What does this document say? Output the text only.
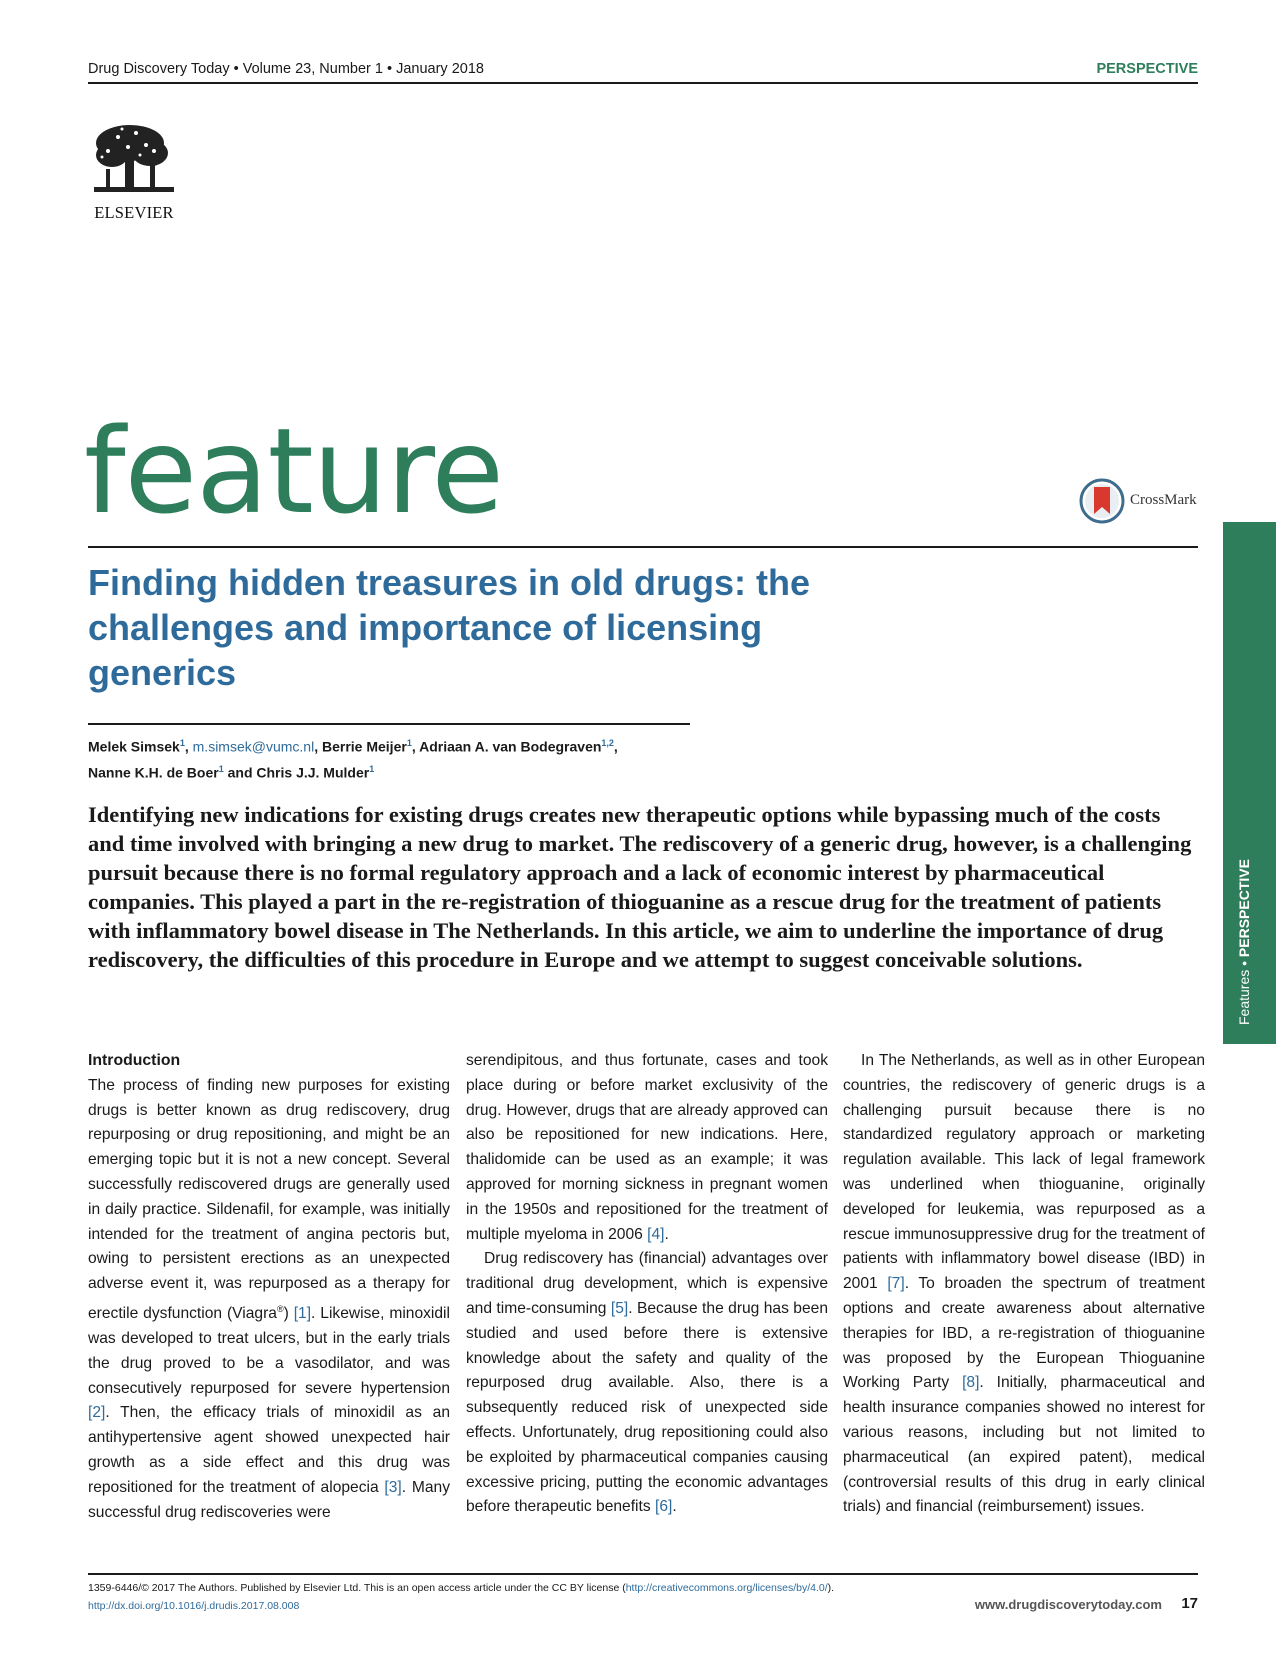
Drug Discovery Today • Volume 23, Number 1 • January 2018	PERSPECTIVE
ELSEVIER
feature	CrossMark
Finding hidden treasures in old drugs: the challenges and importance of licensing generics
Melek Simsek$^1$, m.simsek@vumc.nl, Berrie Meijer$^1$, Adriaan A. van Bodegraven$^{1,2}$,
Nanne K.H. de Boer$^1$ and Chris J.J. Mulder$^1$

Identifying new indications for existing drugs creates new therapeutic options while bypassing much of the costs and time involved with bringing a new drug to market. The rediscovery of a generic drug, however, is a challenging pursuit because there is no formal regulatory approach and a lack of economic interest by pharmaceutical companies. This played a part in the re-registration of thioguanine as a rescue drug for the treatment of patients with inflammatory bowel disease in The Netherlands. In this article, we aim to underline the importance of drug rediscovery, the difficulties of this procedure in Europe and we attempt to suggest conceivable solutions.	Features • PERSPECTIVE
Introduction

The process of finding new purposes for existing drugs is better known as drug rediscovery, drug repurposing or drug repositioning, and might be an emerging topic but it is not a new concept. Several successfully rediscovered drugs are generally used in daily practice. Sildenafil, for example, was initially intended for the treatment of angina pectoris but, owing to persistent erections as an unexpected adverse event it, was repurposed as a therapy for erectile dysfunction (Viagra®) [1]. Likewise, minoxidil was developed to treat ulcers, but in the early trials the drug proved to be a vasodilator, and was consecutively repurposed for severe hypertension [2]. Then, the efficacy trials of minoxidil as an antihypertensive agent showed unexpected hair growth as a side effect and this drug was repositioned for the treatment of alopecia [3]. Many successful drug rediscoveries were

serendipitous, and thus fortunate, cases and took place during or before market exclusivity of the drug. However, drugs that are already approved can also be repositioned for new indications. Here, thalidomide can be used as an example; it was approved for morning sickness in pregnant women in the 1950s and repositioned for the treatment of multiple myeloma in 2006 [4].

Drug rediscovery has (financial) advantages over traditional drug development, which is expensive and time-consuming [5]. Because the drug has been studied and used before there is extensive knowledge about the safety and quality of the repurposed drug available. Also, there is a subsequently reduced risk of unexpected side effects. Unfortunately, drug repositioning could also be exploited by pharmaceutical companies causing excessive pricing, putting the economic advantages before therapeutic benefits [6].

In The Netherlands, as well as in other European countries, the rediscovery of generic drugs is a challenging pursuit because there is no standardized regulatory approach or marketing regulation available. This lack of legal framework was underlined when thioguanine, originally developed for leukemia, was repurposed as a rescue immunosuppressive drug for the treatment of patients with inflammatory bowel disease (IBD) in 2001 [7]. To broaden the spectrum of treatment options and create awareness about alternative therapies for IBD, a re-registration of thioguanine was proposed by the European Thioguanine Working Party [8]. Initially, pharmaceutical and health insurance companies showed no interest for various reasons, including but not limited to pharmaceutical (an expired patent), medical (controversial results of this drug in early clinical trials) and financial (reimbursement) issues.

1359-6446/© 2017 The Authors. Published by Elsevier Ltd. This is an open access article under the CC BY license (http://creativecommons.org/licenses/by/4.0/).
http://dx.doi.org/10.1016/j.drudis.2017.08.008	www.drugdiscoverytoday.com 17
